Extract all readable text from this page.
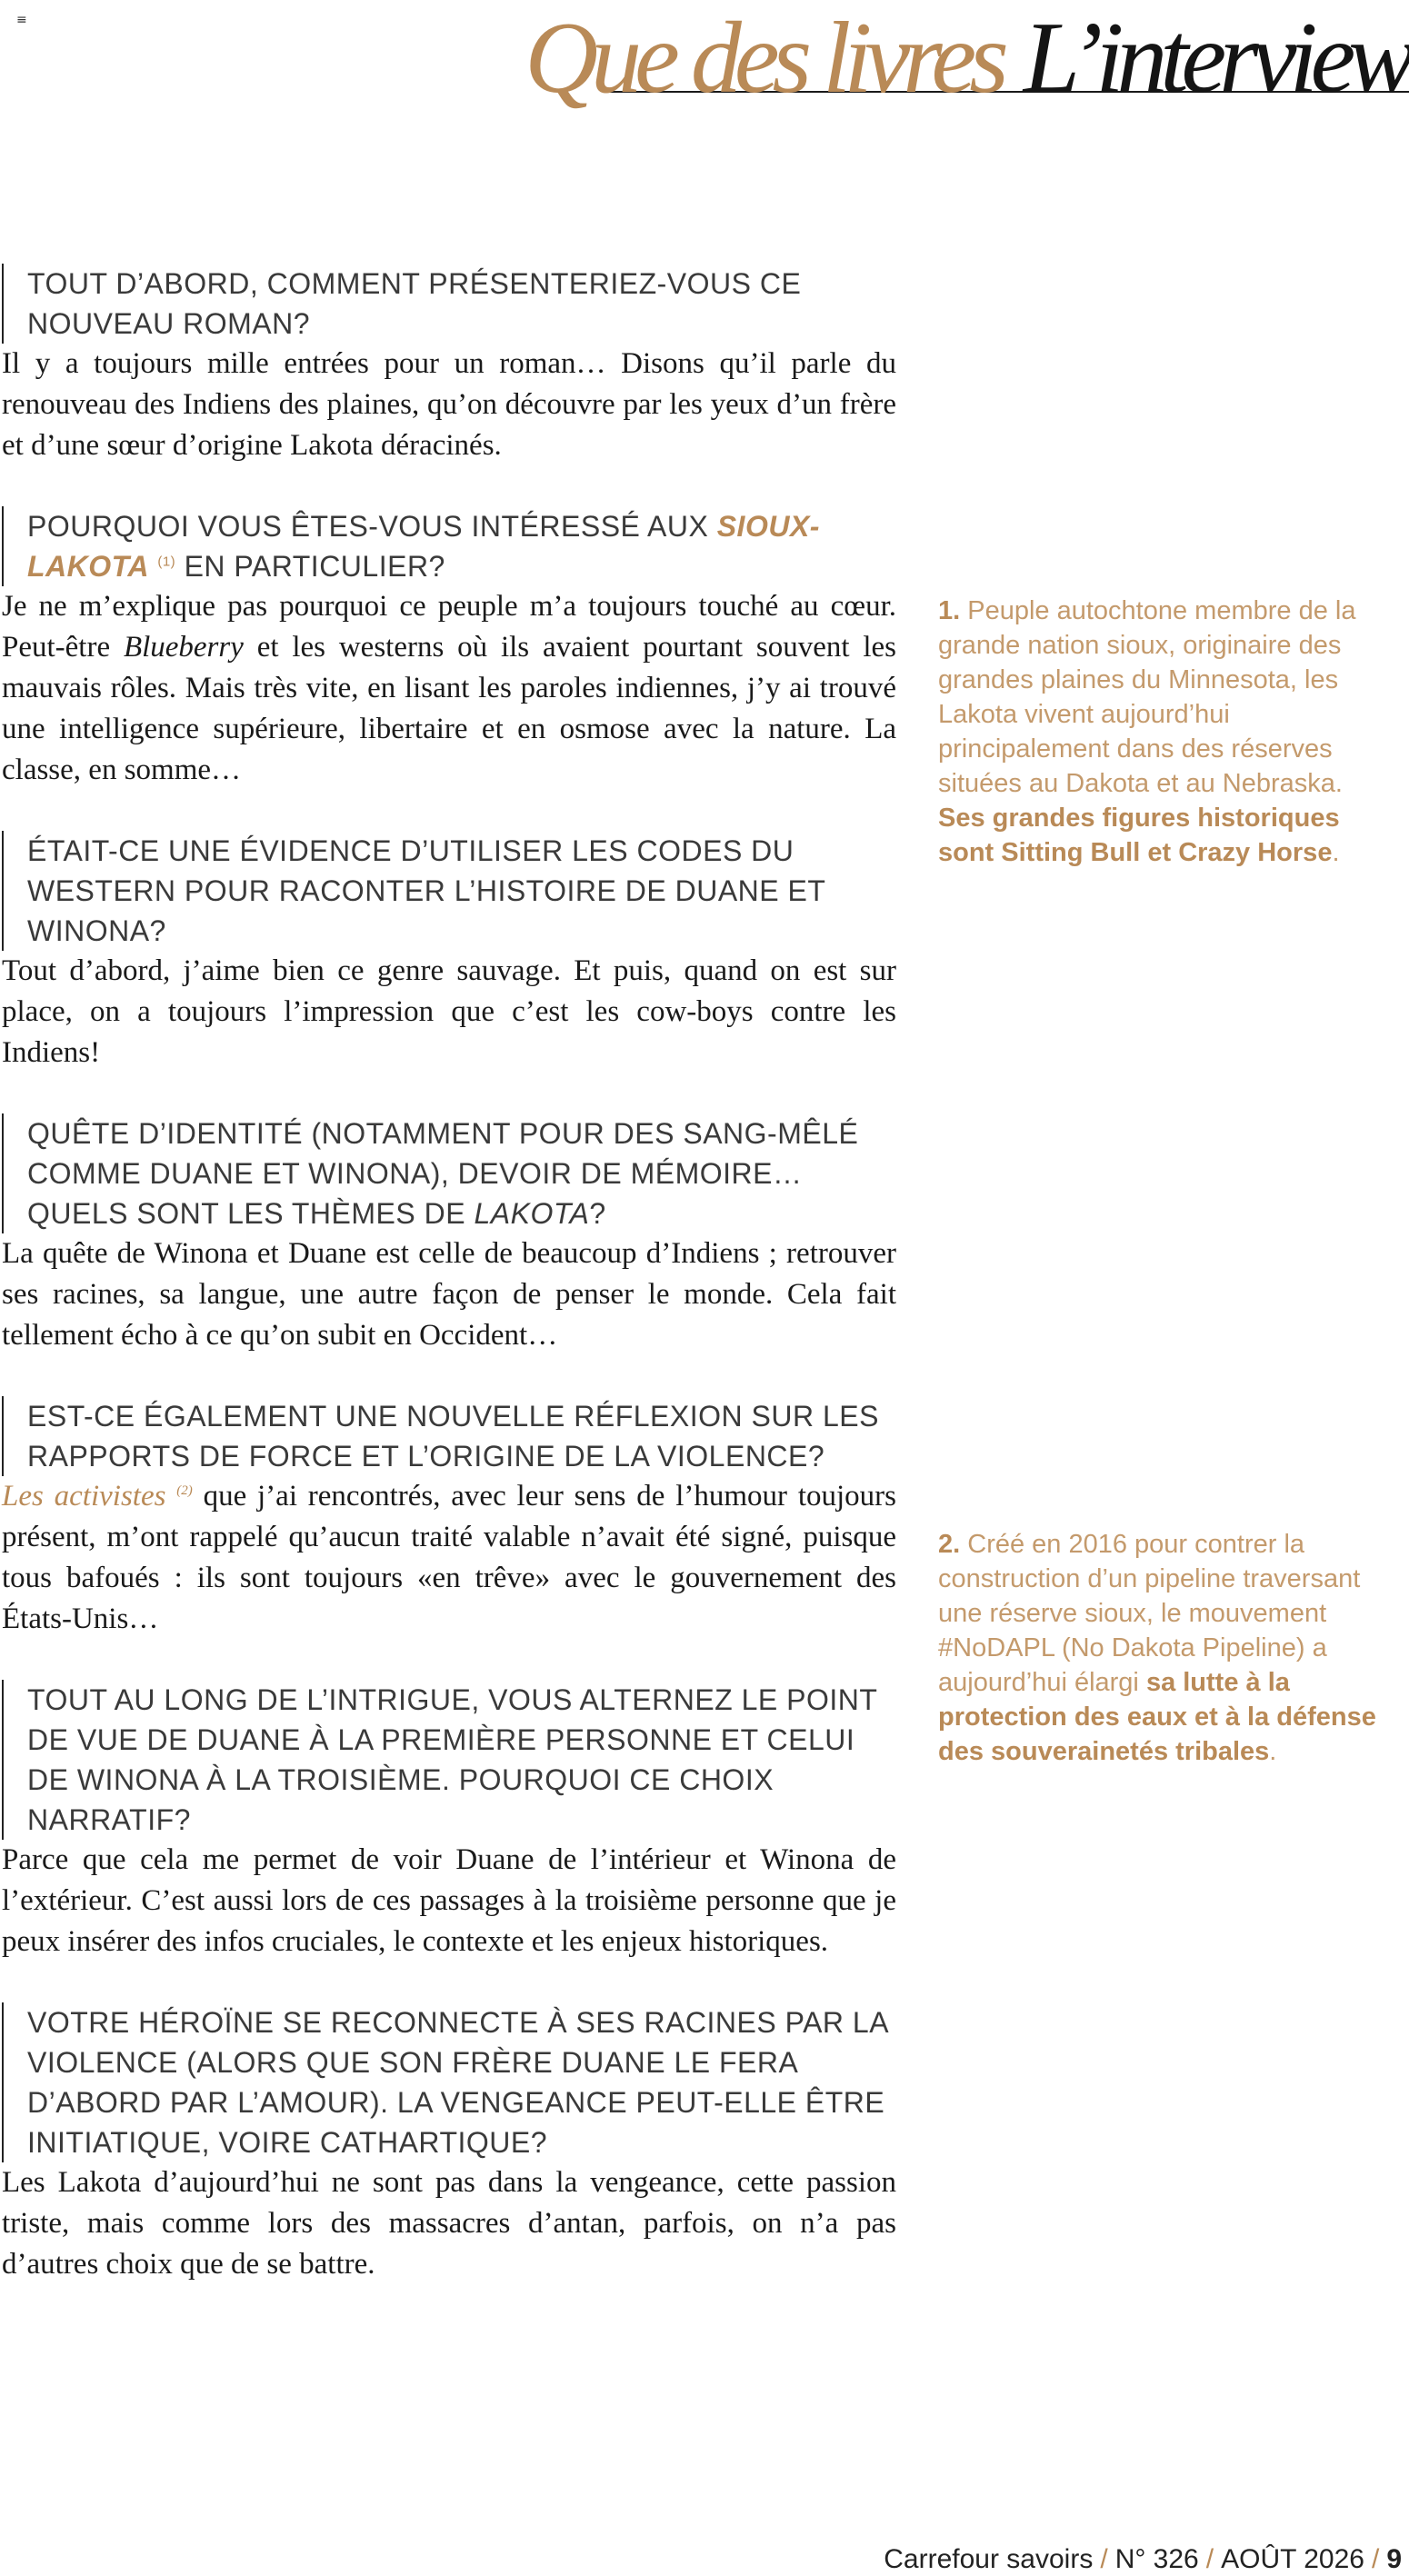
≡	Que des livres L’interview
TOUT D’ABORD, COMMENT PRÉSENTERIEZ-VOUS CE NOUVEAU ROMAN?

Il y a toujours mille entrées pour un roman… Disons qu’il parle du renouveau des Indiens des plaines, qu’on découvre par les yeux d’un frère et d’une sœur d’origine Lakota déracinés.

POURQUOI VOUS ÊTES-VOUS INTÉRESSÉ AUX SIOUX-LAKOTA $^{(1)}$ EN PARTICULIER?

Je ne m’explique pas pourquoi ce peuple m’a toujours touché au cœur. Peut-être Blueberry et les westerns où ils avaient pourtant souvent les mauvais rôles. Mais très vite, en lisant les paroles indiennes, j’y ai trouvé une intelligence supérieure, libertaire et en osmose avec la nature. La classe, en somme…

ÉTAIT-CE UNE ÉVIDENCE D’UTILISER LES CODES DU WESTERN POUR RACONTER L’HISTOIRE DE DUANE ET WINONA?

Tout d’abord, j’aime bien ce genre sauvage. Et puis, quand on est sur place, on a toujours l’impression que c’est les cow-boys contre les Indiens!

QUÊTE D’IDENTITÉ (NOTAMMENT POUR DES SANG-MÊLÉ COMME DUANE ET WINONA), DEVOIR DE MÉMOIRE… QUELS SONT LES THÈMES DE LAKOTA?

La quête de Winona et Duane est celle de beaucoup d’Indiens ; retrouver ses racines, sa langue, une autre façon de penser le monde. Cela fait tellement écho à ce qu’on subit en Occident…

EST-CE ÉGALEMENT UNE NOUVELLE RÉFLEXION SUR LES RAPPORTS DE FORCE ET L’ORIGINE DE LA VIOLENCE?

Les activistes $^{(2)}$ que j’ai rencontrés, avec leur sens de l’humour toujours présent, m’ont rappelé qu’aucun traité valable n’avait été signé, puisque tous bafoués : ils sont toujours «en trêve» avec le gouvernement des États-Unis…

TOUT AU LONG DE L’INTRIGUE, VOUS ALTERNEZ LE POINT DE VUE DE DUANE À LA PREMIÈRE PERSONNE ET CELUI DE WINONA À LA TROISIÈME. POURQUOI CE CHOIX NARRATIF?

Parce que cela me permet de voir Duane de l’intérieur et Winona de l’extérieur. C’est aussi lors de ces passages à la troisième personne que je peux insérer des infos cruciales, le contexte et les enjeux historiques.

VOTRE HÉROÏNE SE RECONNECTE À SES RACINES PAR LA VIOLENCE (ALORS QUE SON FRÈRE DUANE LE FERA D’ABORD PAR L’AMOUR). LA VENGEANCE PEUT-ELLE ÊTRE INITIATIQUE, VOIRE CATHARTIQUE?

Les Lakota d’aujourd’hui ne sont pas dans la vengeance, cette passion triste, mais comme lors des massacres d’antan, parfois, on n’a pas d’autres choix que de se battre.

1. Peuple autochtone membre de la grande nation sioux, originaire des grandes plaines du Minnesota, les Lakota vivent aujourd’hui principalement dans des réserves situées au Dakota et au Nebraska. Ses grandes figures historiques sont Sitting Bull et Crazy Horse.
2. Créé en 2016 pour contrer la construction d’un pipeline traversant une réserve sioux, le mouvement #NoDAPL (No Dakota Pipeline) a aujourd’hui élargi sa lutte à la protection des eaux et à la défense des souverainetés tribales.
Carrefour savoirs / N° 326 / AOÛT 2026 / 9
